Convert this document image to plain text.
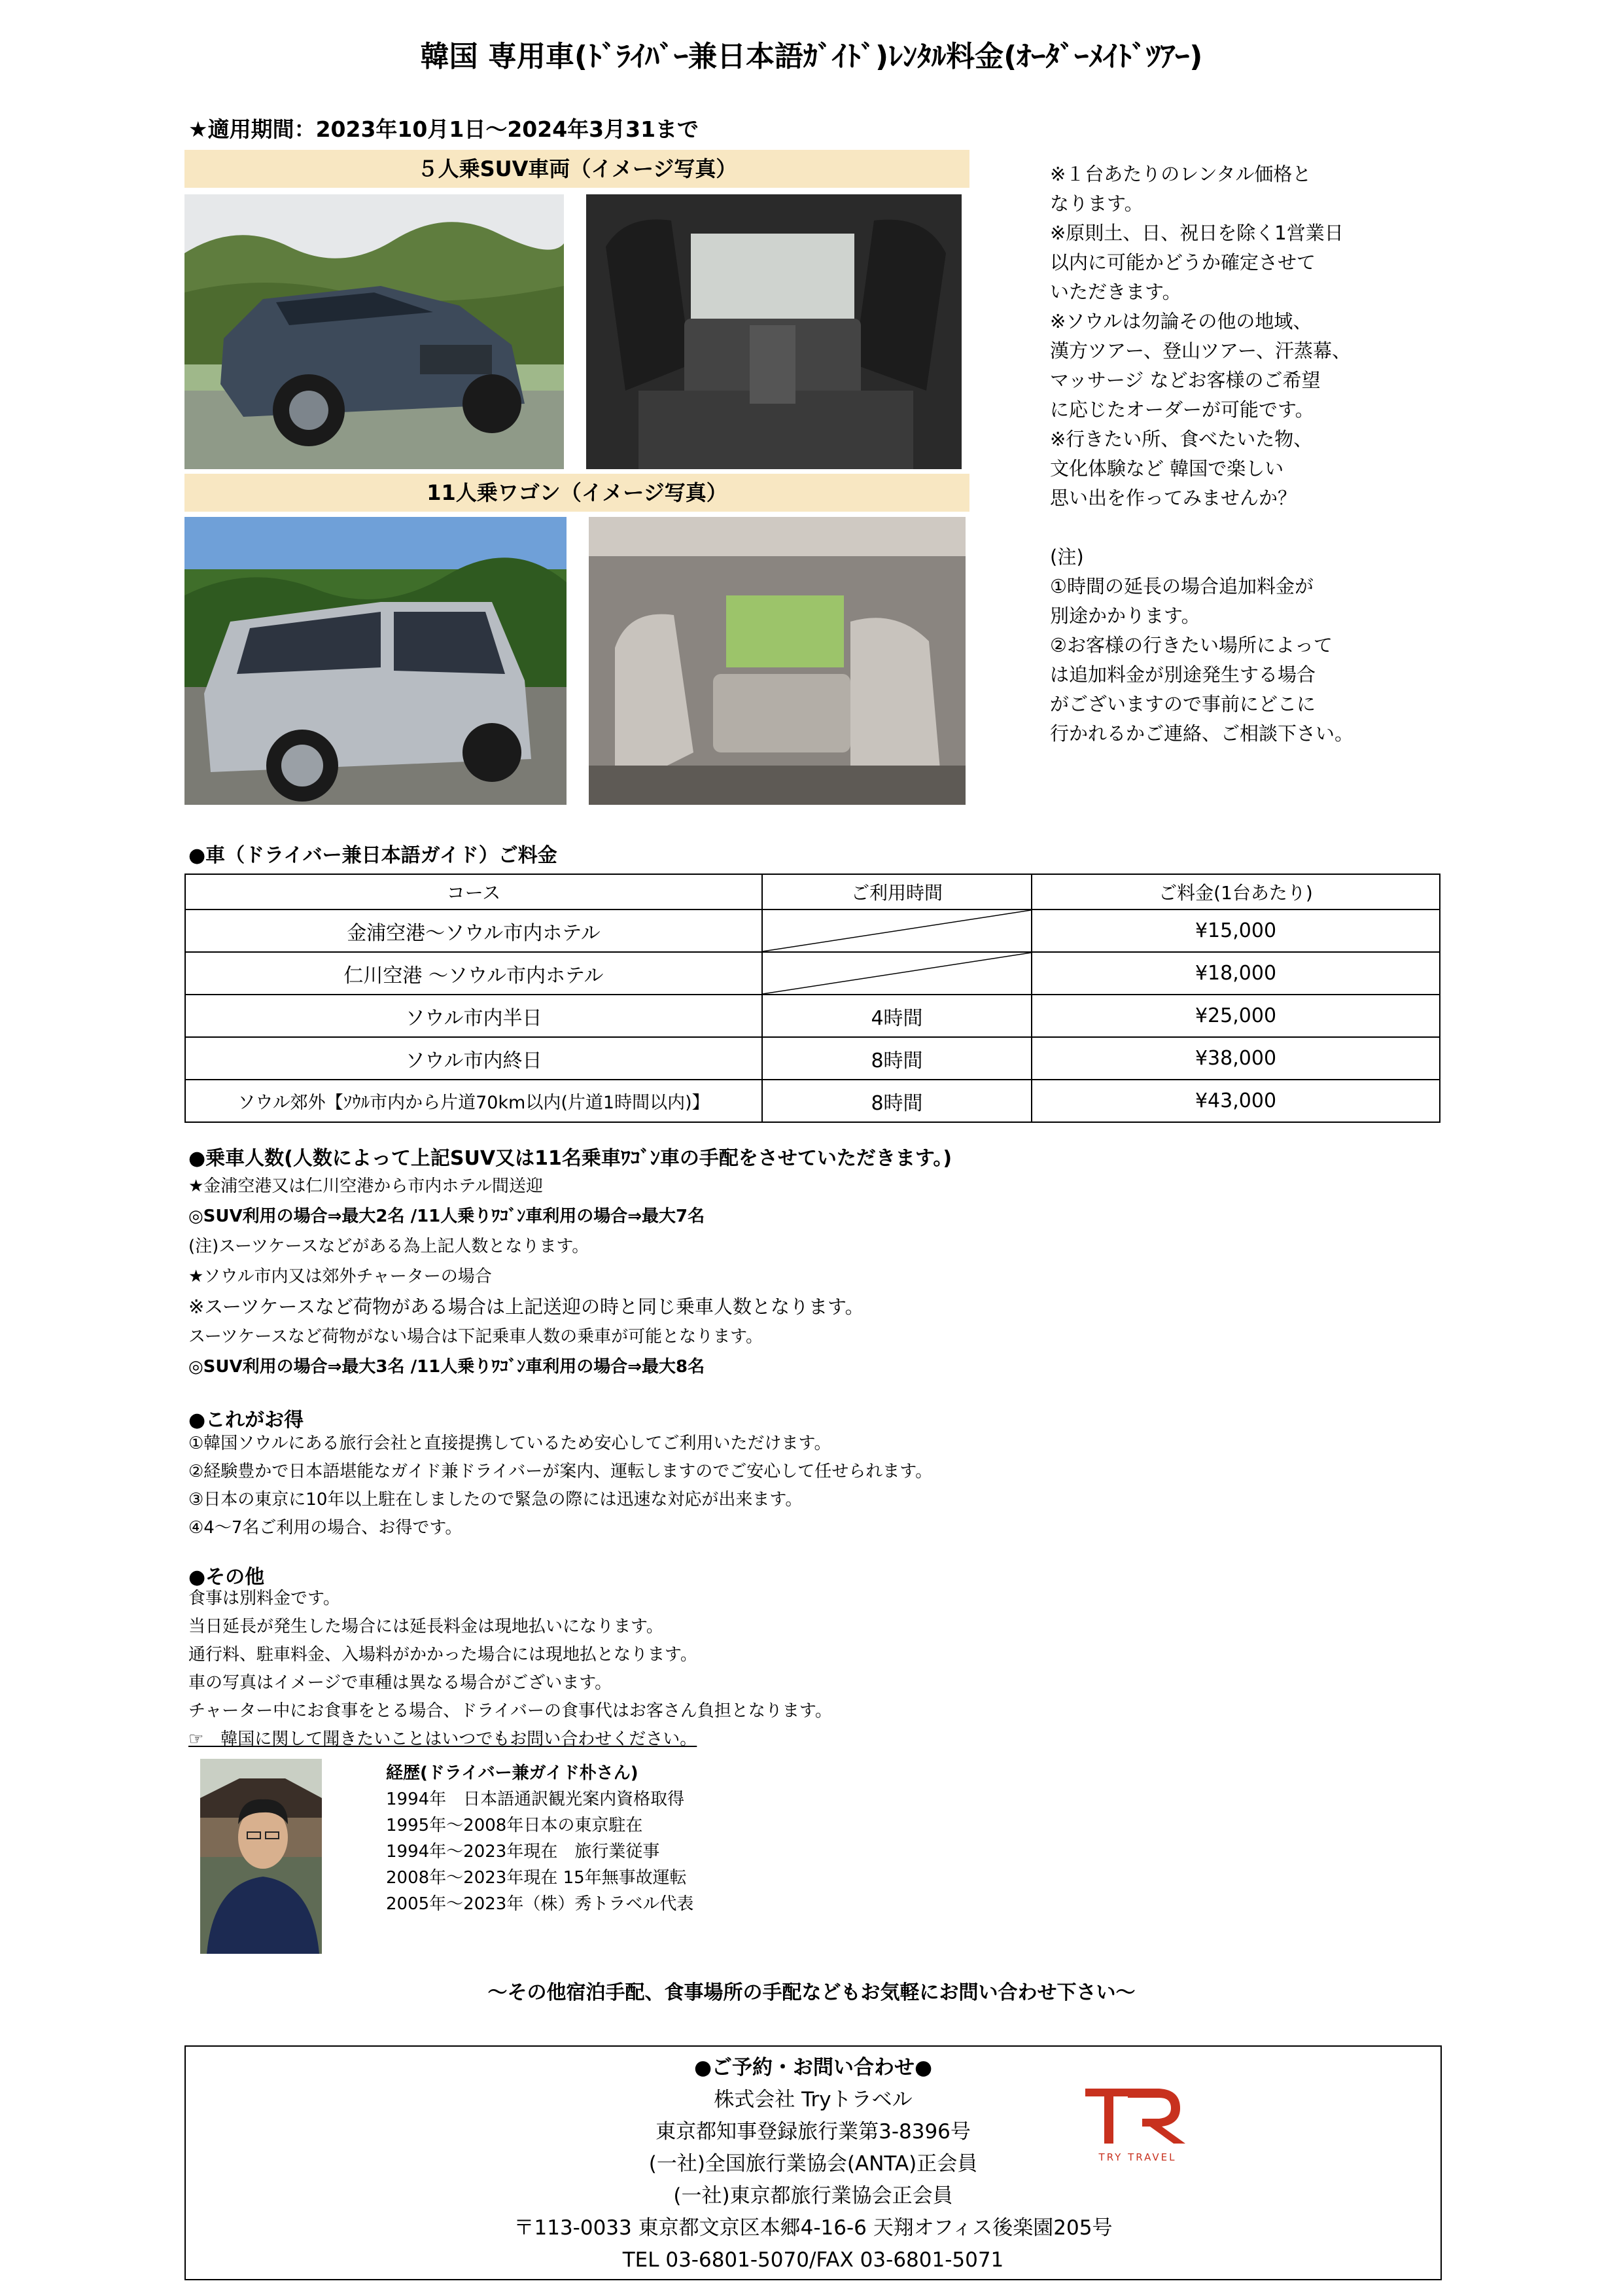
韓国 専用車(ﾄﾞﾗｲﾊﾞｰ兼日本語ｶﾞｲﾄﾞ)ﾚﾝﾀﾙ料金(ｵｰﾀﾞｰﾒｲﾄﾞﾂｱｰ)
★適用期間：2023年10月1日～2024年3月31まで
５人乗SUV車両（イメージ写真）
11人乗ワゴン（イメージ写真）

※１台あたりのレンタル価格と

なります。

※原則土、日、祝日を除く1営業日

以内に可能かどうか確定させて

いただきます。

※ソウルは勿論その他の地域、

漢方ツアー、登山ツアー、汗蒸幕、

マッサージ などお客様のご希望

に応じたオーダーが可能です。

※行きたい所、食べたいた物、

文化体験など 韓国で楽しい

思い出を作ってみませんか？

(注)

①時間の延長の場合追加料金が

別途かかります。

②お客様の行きたい場所によって

は追加料金が別途発生する場合

がございますので事前にどこに

行かれるかご連絡、ご相談下さい。

●車（ドライバー兼日本語ガイド）ご料金
コース	ご利用時間	ご料金(1台あたり)
金浦空港～ソウル市内ホテル		¥15,000
仁川空港 ～ソウル市内ホテル		¥18,000
ソウル市内半日	4時間	¥25,000
ソウル市内終日	8時間	¥38,000
ソウル郊外【ｿｳﾙ市内から片道70km以内(片道1時間以内)】	8時間	¥43,000
●乗車人数(人数によって上記SUV又は11名乗車ﾜｺﾞﾝ車の手配をさせていただきます。)

★金浦空港又は仁川空港から市内ホテル間送迎

◎SUV利用の場合⇒最大2名 /11人乗りﾜｺﾞﾝ車利用の場合⇒最大7名

(注)スーツケースなどがある為上記人数となります。

★ソウル市内又は郊外チャーターの場合

※スーツケースなど荷物がある場合は上記送迎の時と同じ乗車人数となります。

スーツケースなど荷物がない場合は下記乗車人数の乗車が可能となります。

◎SUV利用の場合⇒最大3名 /11人乗りﾜｺﾞﾝ車利用の場合⇒最大8名

●これがお得

①韓国ソウルにある旅行会社と直接提携しているため安心してご利用いただけます。

②経験豊かで日本語堪能なガイド兼ドライバーが案内、運転しますのでご安心して任せられます。

③日本の東京に10年以上駐在しましたので緊急の際には迅速な対応が出来ます。

④4～7名ご利用の場合、お得です。

●その他

食事は別料金です。

当日延長が発生した場合には延長料金は現地払いになります。

通行料、駐車料金、入場料がかかった場合には現地払となります。

車の写真はイメージで車種は異なる場合がございます。

チャーター中にお食事をとる場合、ドライバーの食事代はお客さん負担となります。

☞　韓国に関して聞きたいことはいつでもお問い合わせください。

経歴(ドライバー兼ガイド朴さん)
1994年　日本語通訳観光案内資格取得
1995年～2008年日本の東京駐在
1994年～2023年現在　旅行業従事
2008年～2023年現在 15年無事故運転
2005年～2023年（株）秀トラベル代表
～その他宿泊手配、食事場所の手配などもお気軽にお問い合わせ下さい～

●ご予約・お問い合わせ●

株式会社 Tryトラベル

東京都知事登録旅行業第3-8396号

(一社)全国旅行業協会(ANTA)正会員

(一社)東京都旅行業協会正会員

〒113-0033 東京都文京区本郷4-16-6 天翔オフィス後楽園205号

TEL 03-6801-5070/FAX 03-6801-5071

TRY TRAVEL
